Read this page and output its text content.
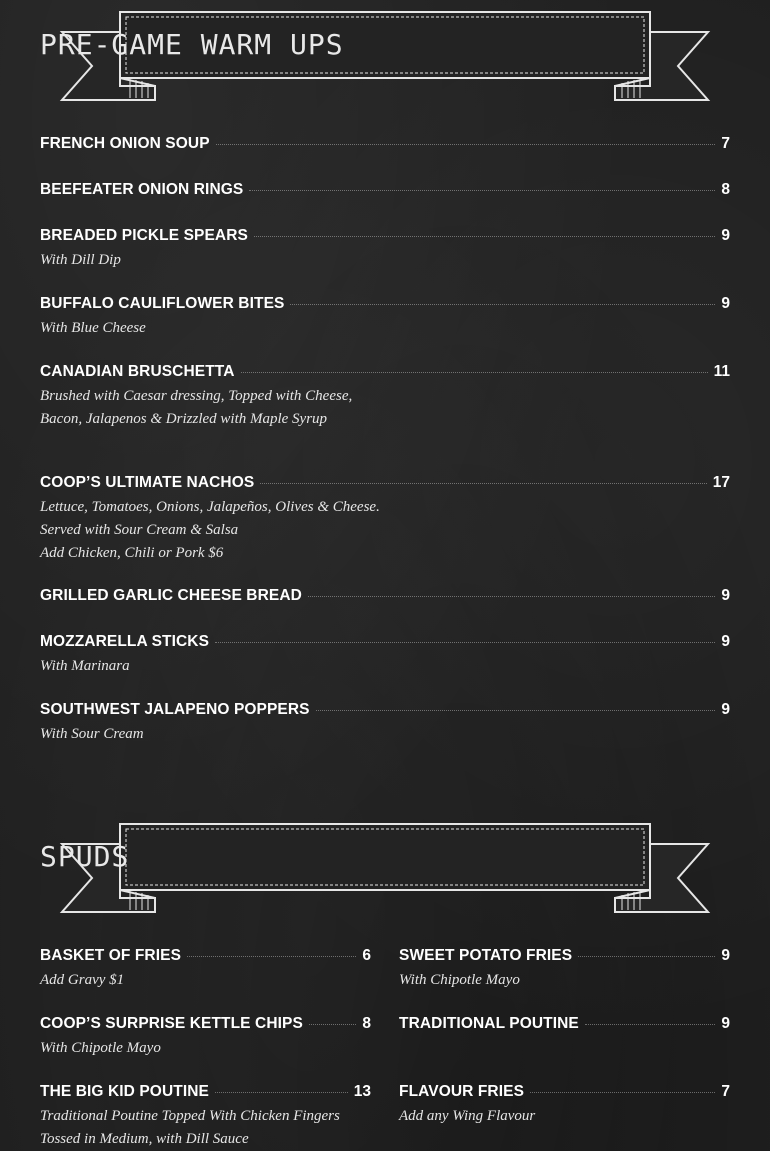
PRE-GAME WARM UPS
FRENCH ONION SOUP	7
BEEFEATER ONION RINGS	8
BREADED PICKLE SPEARS	9
With Dill Dip
BUFFALO CAULIFLOWER BITES	9
With Blue Cheese
CANADIAN BRUSCHETTA	11
Brushed with Caesar dressing, Topped with Cheese,
Bacon, Jalapenos & Drizzled with Maple Syrup
COOP’S ULTIMATE NACHOS	17
Lettuce, Tomatoes, Onions, Jalapeños, Olives & Cheese.
Served with Sour Cream & Salsa
Add Chicken, Chili or Pork $6
GRILLED GARLIC CHEESE BREAD	9
MOZZARELLA STICKS	9
With Marinara
SOUTHWEST JALAPENO POPPERS	9
With Sour Cream
SPUDS
BASKET OF FRIES	6
Add Gravy $1
COOP’S SURPRISE KETTLE CHIPS	8
With Chipotle Mayo
THE BIG KID POUTINE	13
Traditional Poutine Topped With Chicken Fingers
Tossed in Medium, with Dill Sauce
SWEET POTATO FRIES	9
With Chipotle Mayo
TRADITIONAL POUTINE	9
FLAVOUR FRIES	7
Add any Wing Flavour
